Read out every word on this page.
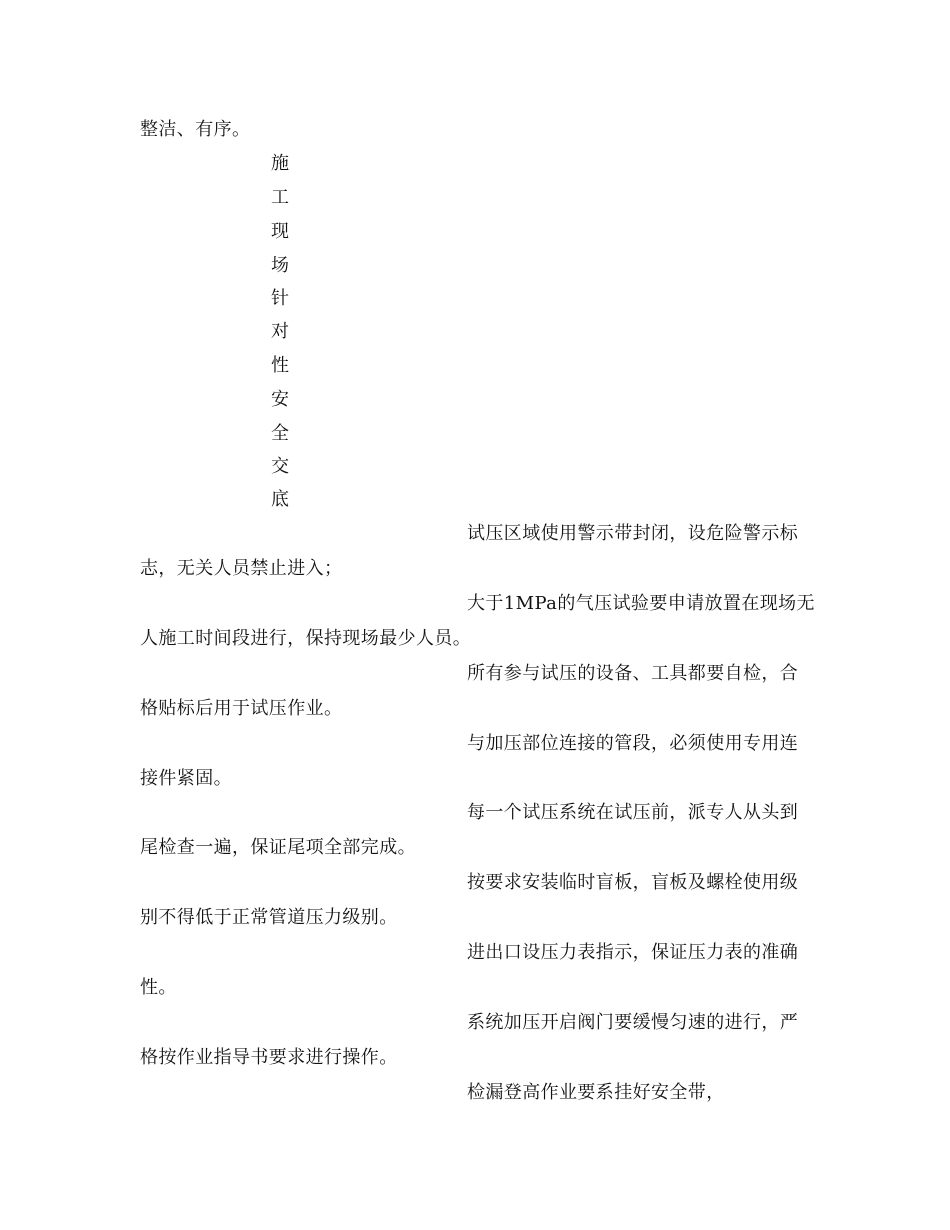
整洁、有序。
施
工
现
场
针
对
性
安
全
交
底
试压区域使用警示带封闭，设危险警示标
志，无关人员禁止进入；
大于1MPa的气压试验要申请放置在现场无
人施工时间段进行，保持现场最少人员。
所有参与试压的设备、工具都要自检，合
格贴标后用于试压作业。
与加压部位连接的管段，必须使用专用连
接件紧固。
每一个试压系统在试压前，派专人从头到
尾检查一遍，保证尾项全部完成。
按要求安装临时盲板，盲板及螺栓使用级
别不得低于正常管道压力级别。
进出口设压力表指示，保证压力表的准确
性。
系统加压开启阀门要缓慢匀速的进行，严
格按作业指导书要求进行操作。
检漏登高作业要系挂好安全带，
